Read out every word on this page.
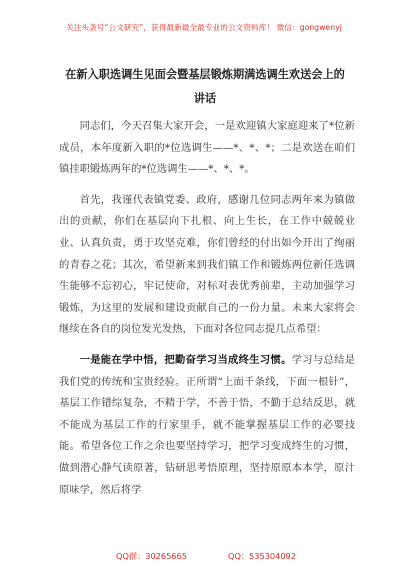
关注头条号“公文研究”，获得最新最全最专业的公文资料库！ 微信：gongwenyj
在新入职选调生见面会暨基层锻炼期满选调生欢送会上的
讲话

同志们，今天召集大家开会，一是欢迎镇大家庭迎来了*位新成员，本年度新入职的*位选调生——*、*、*；二是欢送在咱们镇挂职锻炼两年的*位选调生——*、*、*。

首先，我谨代表镇党委、政府，感谢几位同志两年来为镇做出的贡献，你们在基层向下扎根、向上生长，在工作中兢兢业业、认真负责，勇于攻坚克难，你们曾经的付出如今开出了绚丽的青春之花；其次，希望新来到我们镇工作和锻炼两位新任选调生能够不忘初心，牢记使命，对标对表优秀前辈，主动加强学习锻炼，为这里的发展和建设贡献自己的一份力量。未来大家将会继续在各自的岗位发光发热，下面对各位同志提几点希望：

一是能在学中悟，把勤奋学习当成终生习惯。学习与总结是我们党的传统和宝贵经验。正所谓“上面千条线，下面一根针”，基层工作错综复杂，不精于学，不善于悟，不勤于总结反思，就不能成为基层工作的行家里手，就不能掌握基层工作的必要技能。希望各位工作之余也要坚持学习，把学习变成终生的习惯，做到潜心静气读原著，钻研思考悟原理，坚持原原本本学，原汁原味学，然后将学

QQ群：30265665	QQ：535304092
